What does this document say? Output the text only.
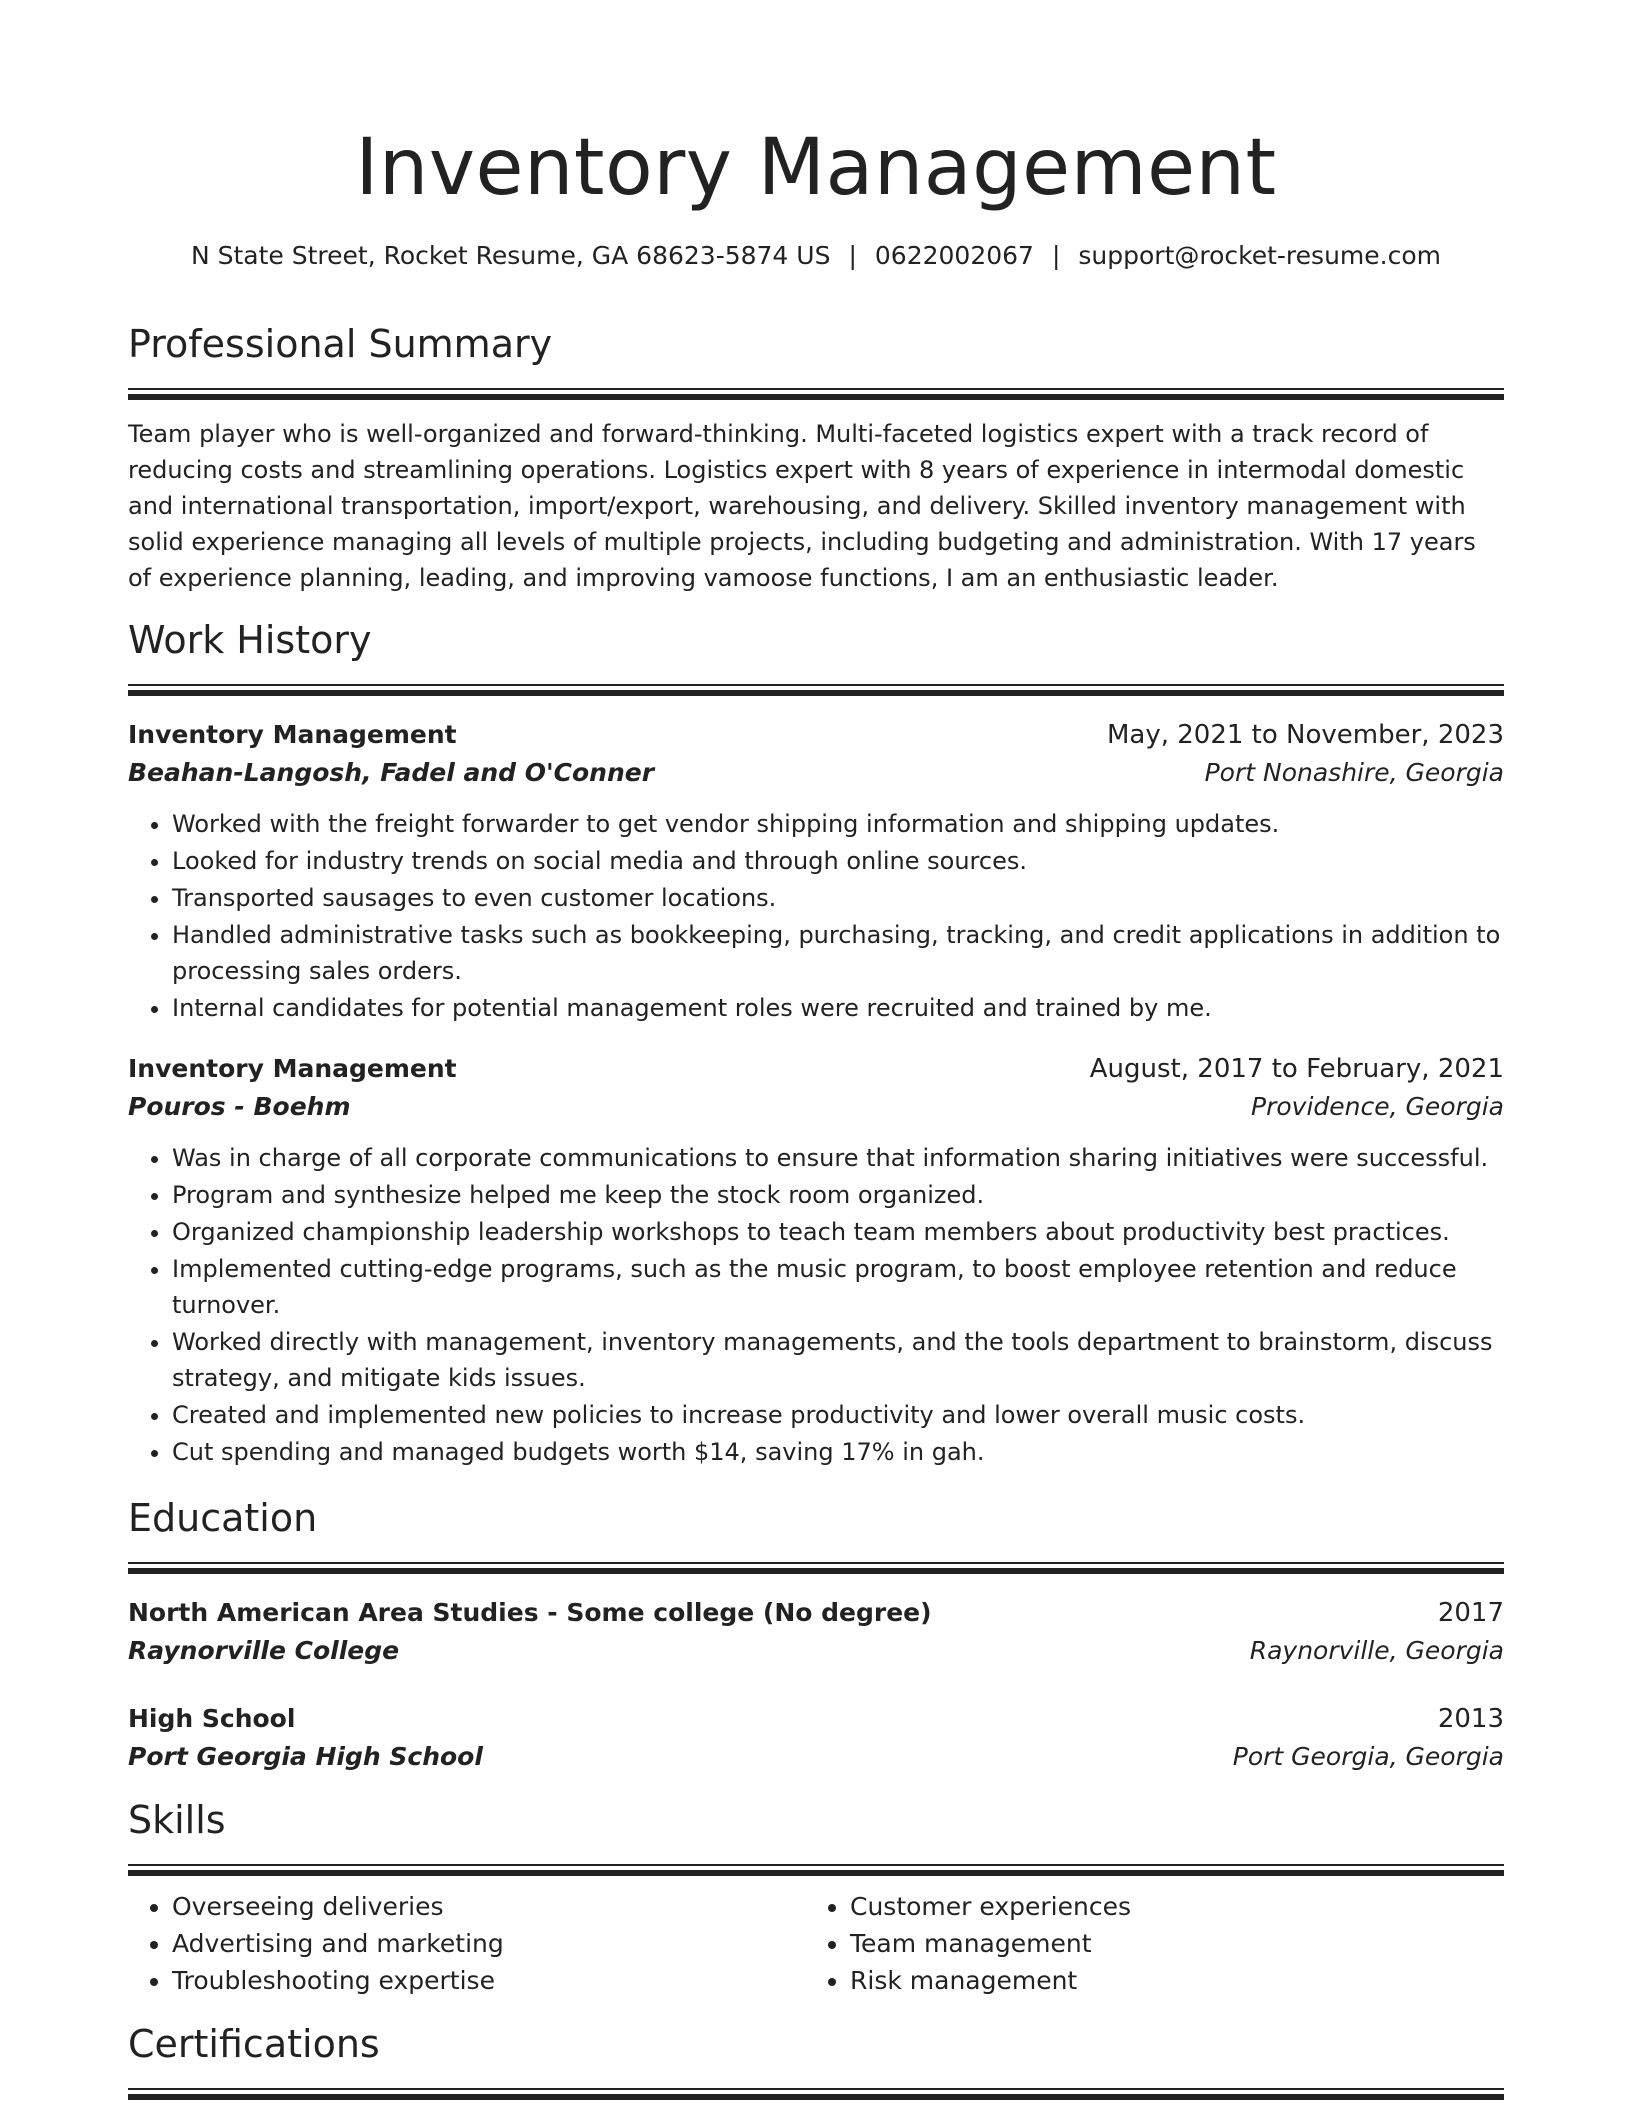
Inventory Management
N State Street, Rocket Resume, GA 68623-5874 US | 0622002067 | support@rocket-resume.com
Professional Summary
Team player who is well-organized and forward-thinking. Multi-faceted logistics expert with a track record of reducing costs and streamlining operations. Logistics expert with 8 years of experience in intermodal domestic and international transportation, import/export, warehousing, and delivery. Skilled inventory management with solid experience managing all levels of multiple projects, including budgeting and administration. With 17 years of experience planning, leading, and improving vamoose functions, I am an enthusiastic leader.
Work History
Inventory Management	May, 2021 to November, 2023
Beahan-Langosh, Fadel and O'Conner	Port Nonashire, Georgia
• Worked with the freight forwarder to get vendor shipping information and shipping updates.
• Looked for industry trends on social media and through online sources.
• Transported sausages to even customer locations.
• Handled administrative tasks such as bookkeeping, purchasing, tracking, and credit applications in addition to processing sales orders.
• Internal candidates for potential management roles were recruited and trained by me.
Inventory Management	August, 2017 to February, 2021
Pouros - Boehm	Providence, Georgia
• Was in charge of all corporate communications to ensure that information sharing initiatives were successful.
• Program and synthesize helped me keep the stock room organized.
• Organized championship leadership workshops to teach team members about productivity best practices.
• Implemented cutting-edge programs, such as the music program, to boost employee retention and reduce turnover.
• Worked directly with management, inventory managements, and the tools department to brainstorm, discuss strategy, and mitigate kids issues.
• Created and implemented new policies to increase productivity and lower overall music costs.
• Cut spending and managed budgets worth $14, saving 17% in gah.
Education
North American Area Studies - Some college (No degree)	2017
Raynorville College	Raynorville, Georgia
High School	2013
Port Georgia High School	Port Georgia, Georgia
Skills
• Overseeing deliveries
• Advertising and marketing
• Troubleshooting expertise
• Customer experiences
• Team management
• Risk management
Certifications
